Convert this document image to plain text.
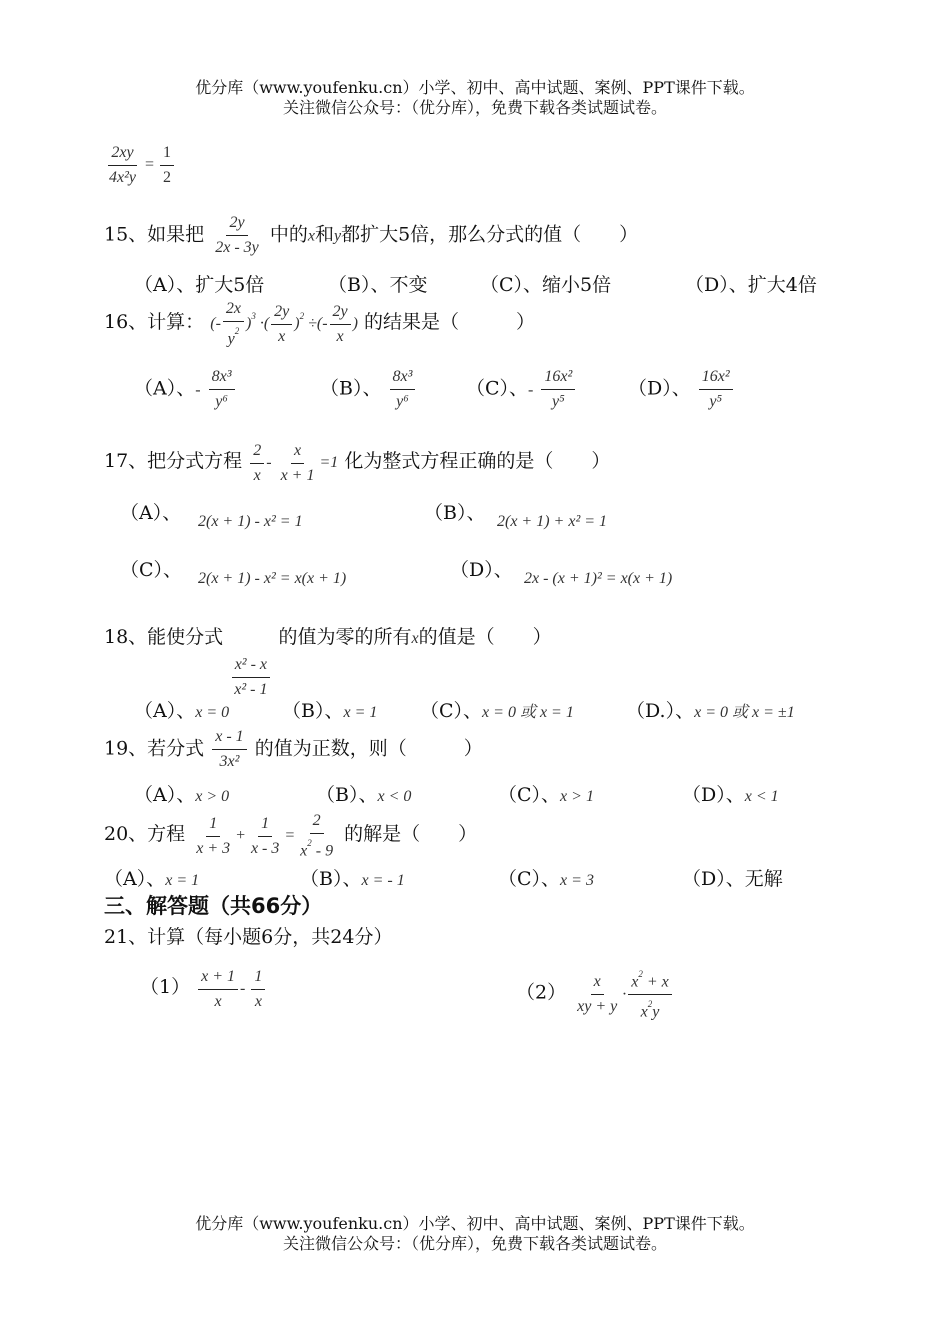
优分库（www.youfenku.cn）小学、初中、高中试题、案例、PPT课件下载。
关注微信公众号：（优分库），免费下载各类试题试卷。
$\frac{2xy}{\text{4x²y}} = \frac{1}{2}$
15、如果把 $\frac{2y}{2x - 3y}$ 中的x和y都扩大5倍，那么分式的值（　　）
（A）、扩大5倍	（B）、不变	（C）、缩小5倍	（D）、扩大4倍
16、计算： (- $\frac{2x}{y^2} )^3$ ·( $\frac{2y}{x} )^2$ ÷(- $\frac{2y}{x}$ ) 的结果是（　　　）
（A）、- $\frac{\text{8x³}}{\text{y⁶}}$	（B）、 $\frac{\text{8x³}}{\text{y⁶}}$	（C）、- $\frac{\text{16x²}}{\text{y⁵}}$	（D）、 $\frac{\text{16x²}}{\text{y⁵}}$
17、把分式方程 $\frac{2}{x} - \frac{x}{x + 1} =1$ 化为整式方程正确的是（　　）
（A）、 2(x + 1) - x² = 1	（B）、 2(x + 1) + x² = 1
（C）、 2(x + 1) - x² = x(x + 1)	（D）、 2x - (x + 1)² = x(x + 1)
18、能使分式
$\frac{\text{x² - x}}{\text{x² - 1}}$
的值为零的所有x的值是（　　）
（A）、x = 0	（B）、x = 1 （C）、x = 0 或 x = 1	（D.）、x = 0 或 x = ±1
19、若分式 $\frac{x - 1}{\text{3x²}}$ 的值为正数，则（　　　）
（A）、x > 0	（B）、x < 0	（C）、x > 1	（D）、x < 1
20、方程 $\frac{1}{x + 3} + \frac{1}{x - 3} = \frac{2}{x^2 - 9}$ 的解是（　　）
（A）、x = 1	（B）、x = - 1	（C）、x = 3	（D）、无解
三、解答题（共66分）
21、计算（每小题6分，共24分）
$(1) \frac{x + 1}{x} - \frac{1}{x}$	$(2) \frac{x}{xy + y} \cdot \frac{x^2 + x}{x^2y}$
优分库（www.youfenku.cn）小学、初中、高中试题、案例、PPT课件下载。
关注微信公众号：（优分库），免费下载各类试题试卷。
